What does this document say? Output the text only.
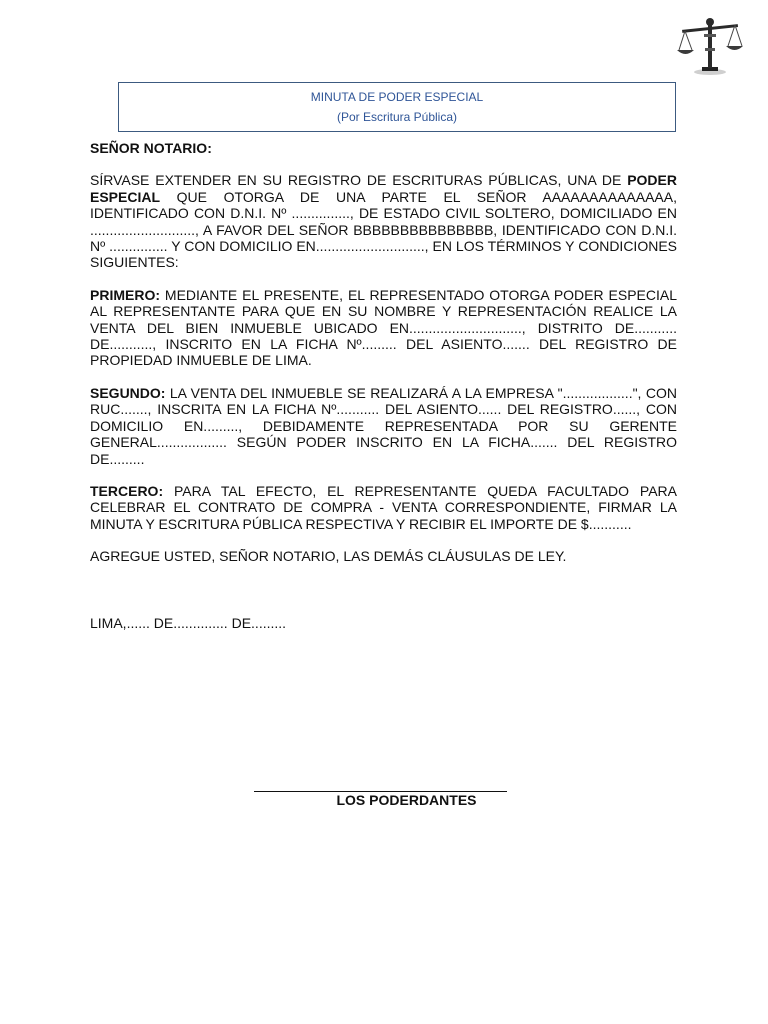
MINUTA DE PODER ESPECIAL
(Por Escritura Pública)

SEÑOR NOTARIO:

SÍRVASE EXTENDER EN SU REGISTRO DE ESCRITURAS PÚBLICAS, UNA DE PODER ESPECIAL QUE OTORGA DE UNA PARTE EL SEÑOR AAAAAAAAAAAAAA, IDENTIFICADO CON D.N.I. Nº ..............., DE ESTADO CIVIL SOLTERO, DOMICILIADO EN ..........................., A FAVOR DEL SEÑOR BBBBBBBBBBBBBBB, IDENTIFICADO CON D.N.I. Nº ............... Y CON DOMICILIO EN............................, EN LOS TÉRMINOS Y CONDICIONES SIGUIENTES:

PRIMERO: MEDIANTE EL PRESENTE, EL REPRESENTADO OTORGA PODER ESPECIAL AL REPRESENTANTE PARA QUE EN SU NOMBRE Y REPRESENTACIÓN REALICE LA VENTA DEL BIEN INMUEBLE UBICADO EN............................., DISTRITO DE........... DE..........., INSCRITO EN LA FICHA Nº......... DEL ASIENTO....... DEL REGISTRO DE PROPIEDAD INMUEBLE DE LIMA.

SEGUNDO: LA VENTA DEL INMUEBLE SE REALIZARÁ A LA EMPRESA "..................", CON RUC......., INSCRITA EN LA FICHA Nº........... DEL ASIENTO...... DEL REGISTRO......, CON DOMICILIO EN........., DEBIDAMENTE REPRESENTADA POR SU GERENTE GENERAL.................. SEGÚN PODER INSCRITO EN LA FICHA....... DEL REGISTRO DE.........

TERCERO: PARA TAL EFECTO, EL REPRESENTANTE QUEDA FACULTADO PARA CELEBRAR EL CONTRATO DE COMPRA - VENTA CORRESPONDIENTE, FIRMAR LA MINUTA Y ESCRITURA PÚBLICA RESPECTIVA Y RECIBIR EL IMPORTE DE $...........

AGREGUE USTED, SEÑOR NOTARIO, LAS DEMÁS CLÁUSULAS DE LEY.

LIMA,...... DE.............. DE.........

LOS PODERDANTES
